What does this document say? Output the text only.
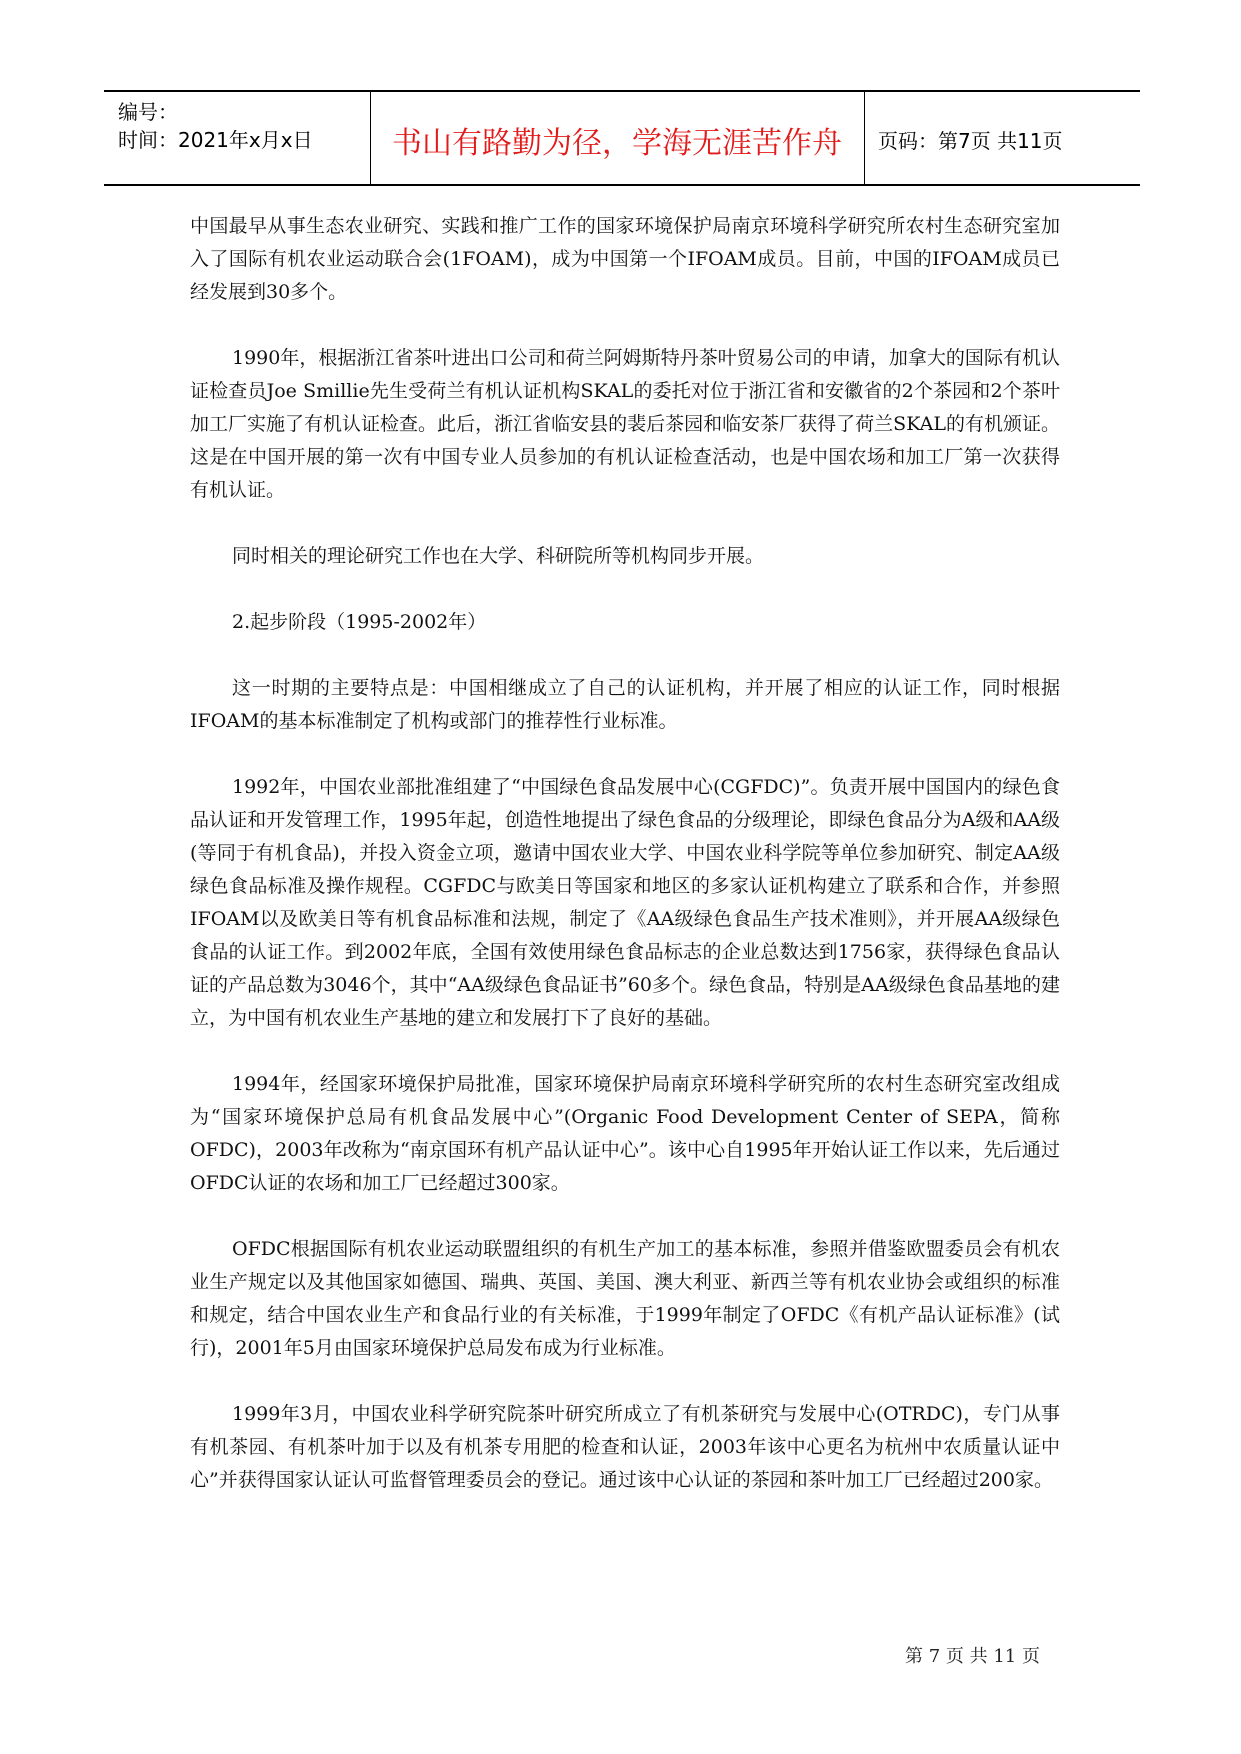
编号：
时间：2021年x月x日	书山有路勤为径，学海无涯苦作舟	页码：第7页 共11页

中国最早从事生态农业研究、实践和推广工作的国家环境保护局南京环境科学研究所农村生态研究室加入了国际有机农业运动联合会(1FOAM)，成为中国第一个IFOAM成员。目前，中国的IFOAM成员已经发展到30多个。

1990年，根据浙江省茶叶进出口公司和荷兰阿姆斯特丹茶叶贸易公司的申请，加拿大的国际有机认证检查员Joe Smillie先生受荷兰有机认证机构SKAL的委托对位于浙江省和安徽省的2个茶园和2个茶叶加工厂实施了有机认证检查。此后，浙江省临安县的裴后茶园和临安茶厂获得了荷兰SKAL的有机颁证。这是在中国开展的第一次有中国专业人员参加的有机认证检查活动，也是中国农场和加工厂第一次获得有机认证。

同时相关的理论研究工作也在大学、科研院所等机构同步开展。

2.起步阶段（1995-2002年）

这一时期的主要特点是：中国相继成立了自己的认证机构，并开展了相应的认证工作，同时根据IFOAM的基本标准制定了机构或部门的推荐性行业标准。

1992年，中国农业部批准组建了“中国绿色食品发展中心(CGFDC)”。负责开展中国国内的绿色食品认证和开发管理工作，1995年起，创造性地提出了绿色食品的分级理论，即绿色食品分为A级和AA级(等同于有机食品)，并投入资金立项，邀请中国农业大学、中国农业科学院等单位参加研究、制定AA级绿色食品标准及操作规程。CGFDC与欧美日等国家和地区的多家认证机构建立了联系和合作，并参照IFOAM以及欧美日等有机食品标准和法规，制定了《AA级绿色食品生产技术准则》，并开展AA级绿色食品的认证工作。到2002年底，全国有效使用绿色食品标志的企业总数达到1756家，获得绿色食品认证的产品总数为3046个，其中“AA级绿色食品证书”60多个。绿色食品，特别是AA级绿色食品基地的建立，为中国有机农业生产基地的建立和发展打下了良好的基础。

1994年，经国家环境保护局批准，国家环境保护局南京环境科学研究所的农村生态研究室改组成为“国家环境保护总局有机食品发展中心”(Organic Food Development Center of SEPA，简称OFDC)，2003年改称为“南京国环有机产品认证中心”。该中心自1995年开始认证工作以来，先后通过OFDC认证的农场和加工厂已经超过300家。

OFDC根据国际有机农业运动联盟组织的有机生产加工的基本标准，参照并借鉴欧盟委员会有机农业生产规定以及其他国家如德国、瑞典、英国、美国、澳大利亚、新西兰等有机农业协会或组织的标准和规定，结合中国农业生产和食品行业的有关标准，于1999年制定了OFDC《有机产品认证标准》(试行)，2001年5月由国家环境保护总局发布成为行业标准。

1999年3月，中国农业科学研究院茶叶研究所成立了有机茶研究与发展中心(OTRDC)，专门从事有机茶园、有机茶叶加于以及有机茶专用肥的检查和认证，2003年该中心更名为杭州中农质量认证中心”并获得国家认证认可监督管理委员会的登记。通过该中心认证的茶园和茶叶加工厂已经超过200家。

第 7 页 共 11 页
